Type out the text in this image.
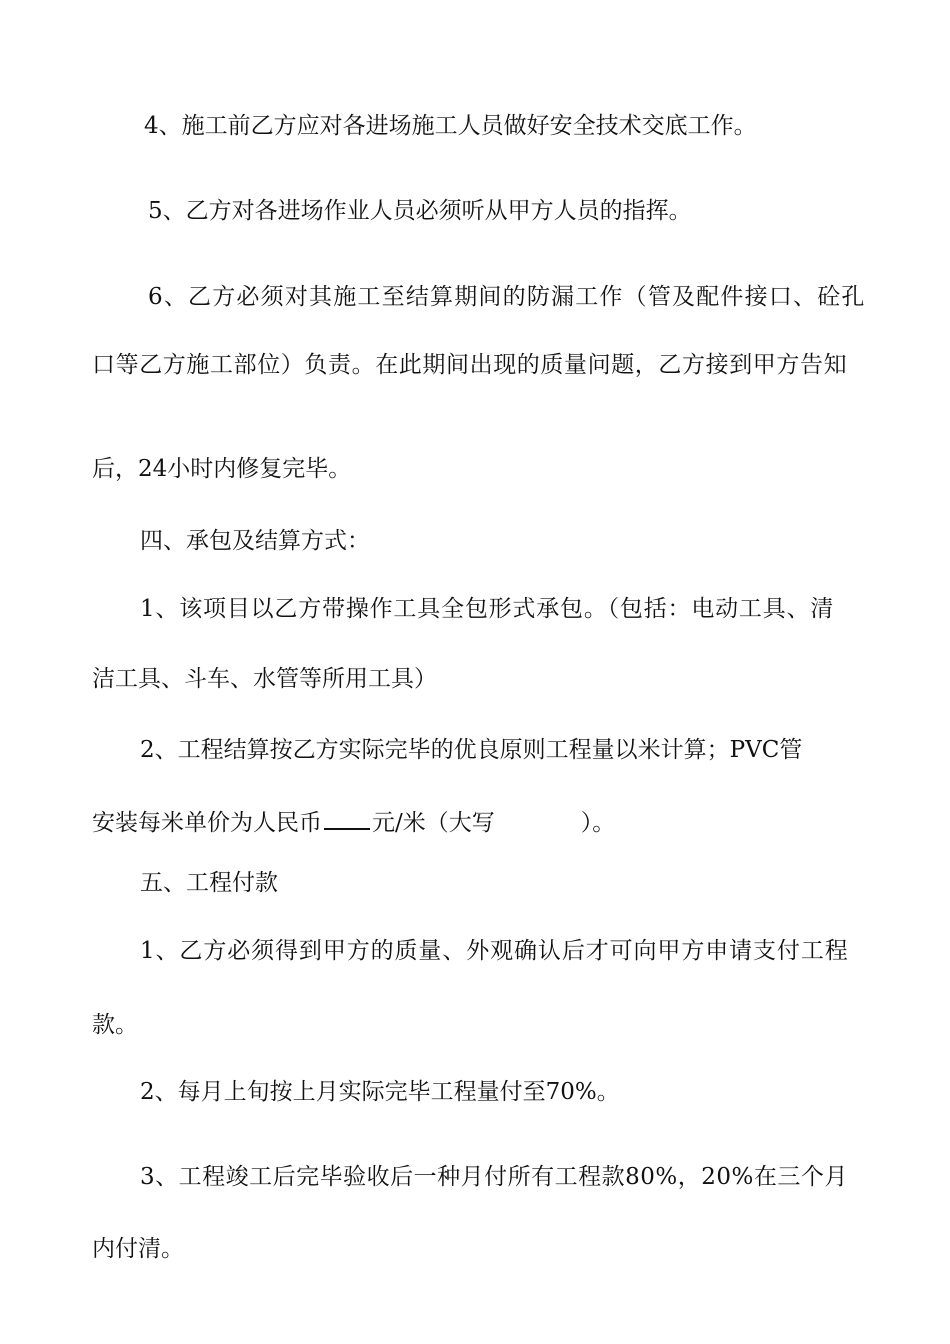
4、施工前乙方应对各进场施工人员做好安全技术交底工作。
5、乙方对各进场作业人员必须听从甲方人员的指挥。
6、乙方必须对其施工至结算期间的防漏工作（管及配件接口、砼孔
口等乙方施工部位）负责。在此期间出现的质量问题，乙方接到甲方告知
后，24小时内修复完毕。
四、承包及结算方式：
1、该项目以乙方带操作工具全包形式承包。（包括：电动工具、清
洁工具、斗车、水管等所用工具）
2、工程结算按乙方实际完毕的优良原则工程量以米计算；PVC管
安装每米单价为人民币 元/米（大写	）。
五、工程付款
1、乙方必须得到甲方的质量、外观确认后才可向甲方申请支付工程
款。
2、每月上旬按上月实际完毕工程量付至70%。
3、工程竣工后完毕验收后一种月付所有工程款80%，20%在三个月
内付清。
